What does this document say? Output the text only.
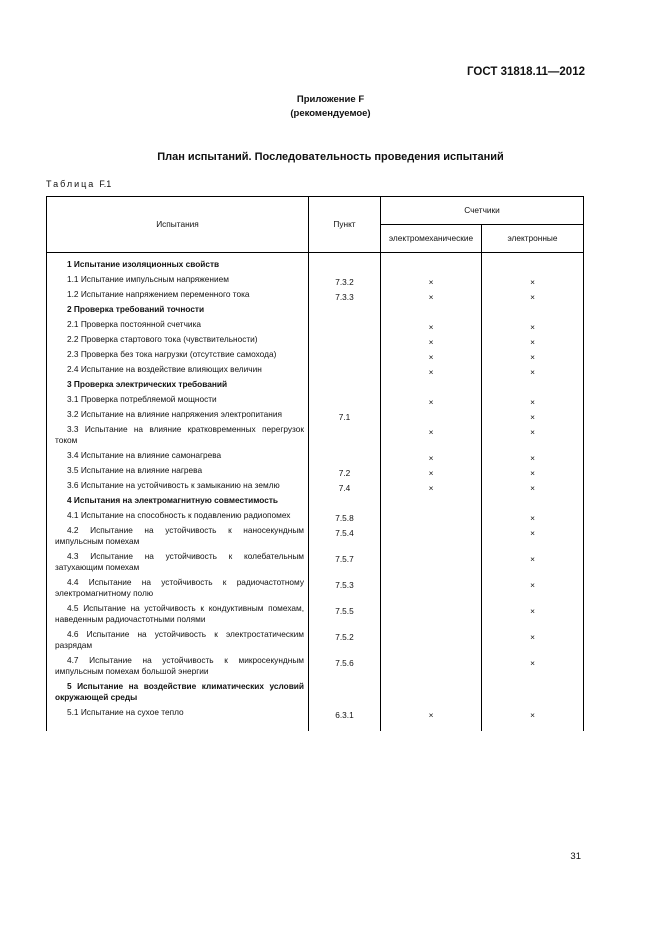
ГОСТ 31818.11—2012
Приложение F
(рекомендуемое)
План испытаний. Последовательность проведения испытаний
Таблица F.1
Испытания	Пункт	Счетчики	
		электромеханические	электронные
1 Испытание изоляционных свойств			
1.1 Испытание импульсным напряжением	7.3.2	×	×
1.2 Испытание напряжением переменного тока	7.3.3	×	×
2 Проверка требований точности			
2.1 Проверка постоянной счетчика		×	×
2.2 Проверка стартового тока (чувствительности)		×	×
2.3 Проверка без тока нагрузки (отсутствие самохода)		×	×
2.4 Испытание на воздействие влияющих величин		×	×
3 Проверка электрических требований			
3.1 Проверка потребляемой мощности		×	×
3.2 Испытание на влияние напряжения электропитания	7.1		×
3.3 Испытание на влияние кратковременных перегрузок током		×	×
3.4 Испытание на влияние самонагрева		×	×
3.5 Испытание на влияние нагрева	7.2	×	×
3.6 Испытание на устойчивость к замыканию на землю	7.4	×	×
4 Испытания на электромагнитную совместимость			
4.1 Испытание на способность к подавлению радиопомех	7.5.8		×
4.2 Испытание на устойчивость к наносекундным импульсным помехам	7.5.4		×
4.3 Испытание на устойчивость к колебательным затухающим помехам	7.5.7		×
4.4 Испытание на устойчивость к радиочастотному электромагнитному полю	7.5.3		×
4.5 Испытание на устойчивость к кондуктивным помехам, наведенным радиочастотными полями	7.5.5		×
4.6 Испытание на устойчивость к электростатическим разрядам	7.5.2		×
4.7 Испытание на устойчивость к микросекундным импульсным помехам большой энергии	7.5.6		×
5 Испытание на воздействие климатических условий окружающей среды			
5.1 Испытание на сухое тепло	6.3.1	×	×
31
